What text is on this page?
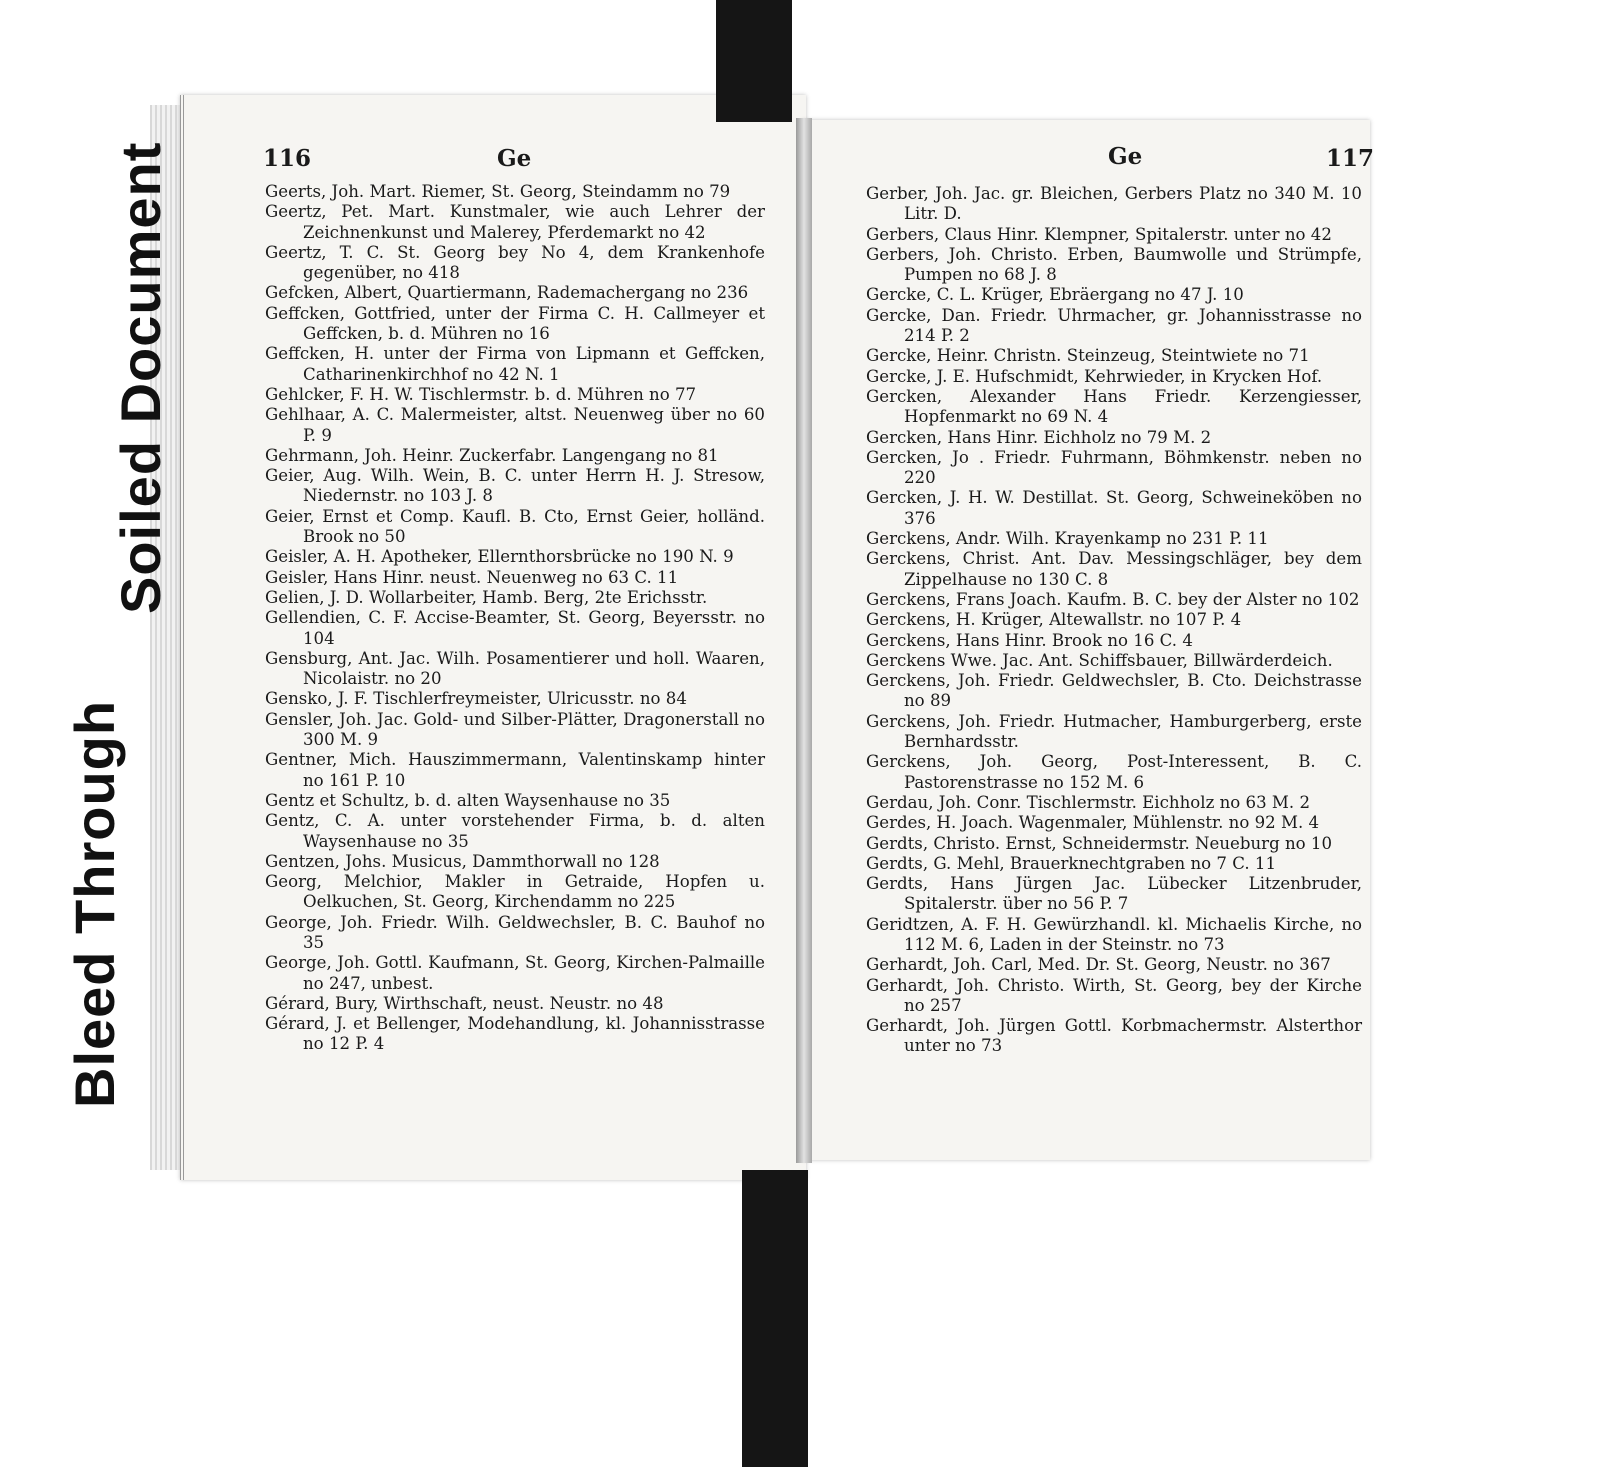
Bleed Through
Soiled Document	116	Ge	Ge	117
Geerts, Joh. Mart. Riemer, St. Georg, Steindamm no 79
Geertz, Pet. Mart. Kunstmaler, wie auch Lehrer der Zeichnenkunst und Malerey, Pferdemarkt no 42
Geertz, T. C. St. Georg bey No 4, dem Krankenhofe gegenüber, no 418
Gefcken, Albert, Quartiermann, Rademachergang no 236
Geffcken, Gottfried, unter der Firma C. H. Callmeyer et Geffcken, b. d. Mühren no 16
Geffcken, H. unter der Firma von Lipmann et Geffcken, Catharinenkirchhof no 42 N. 1
Gehlcker, F. H. W. Tischlermstr. b. d. Mühren no 77
Gehlhaar, A. C. Malermeister, altst. Neuenweg über no 60 P. 9
Gehrmann, Joh. Heinr. Zuckerfabr. Langengang no 81
Geier, Aug. Wilh. Wein, B. C. unter Herrn H. J. Stresow, Niedernstr. no 103 J. 8
Geier, Ernst et Comp. Kaufl. B. Cto, Ernst Geier, holländ. Brook no 50
Geisler, A. H. Apotheker, Ellernthorsbrücke no 190 N. 9
Geisler, Hans Hinr. neust. Neuenweg no 63 C. 11
Gelien, J. D. Wollarbeiter, Hamb. Berg, 2te Erichsstr.
Gellendien, C. F. Accise-Beamter, St. Georg, Beyersstr. no 104
Gensburg, Ant. Jac. Wilh. Posamentierer und holl. Waaren, Nicolaistr. no 20
Gensko, J. F. Tischlerfreymeister, Ulricusstr. no 84
Gensler, Joh. Jac. Gold- und Silber-Plätter, Dragonerstall no 300 M. 9
Gentner, Mich. Hauszimmermann, Valentinskamp hinter no 161 P. 10
Gentz et Schultz, b. d. alten Waysenhause no 35
Gentz, C. A. unter vorstehender Firma, b. d. alten Waysenhause no 35
Gentzen, Johs. Musicus, Dammthorwall no 128
Georg, Melchior, Makler in Getraide, Hopfen u. Oelkuchen, St. Georg, Kirchendamm no 225
George, Joh. Friedr. Wilh. Geldwechsler, B. C. Bauhof no 35
George, Joh. Gottl. Kaufmann, St. Georg, Kirchen-Palmaille no 247, unbest.
Gérard, Bury, Wirthschaft, neust. Neustr. no 48
Gérard, J. et Bellenger, Modehandlung, kl. Johannisstrasse no 12 P. 4
Gerber, Joh. Jac. gr. Bleichen, Gerbers Platz no 340 M. 10 Litr. D.
Gerbers, Claus Hinr. Klempner, Spitalerstr. unter no 42
Gerbers, Joh. Christo. Erben, Baumwolle und Strümpfe, Pumpen no 68 J. 8
Gercke, C. L. Krüger, Ebräergang no 47 J. 10
Gercke, Dan. Friedr. Uhrmacher, gr. Johannisstrasse no 214 P. 2
Gercke, Heinr. Christn. Steinzeug, Steintwiete no 71
Gercke, J. E. Hufschmidt, Kehrwieder, in Krycken Hof.
Gercken, Alexander Hans Friedr. Kerzengiesser, Hopfenmarkt no 69 N. 4
Gercken, Hans Hinr. Eichholz no 79 M. 2
Gercken, Jo . Friedr. Fuhrmann, Böhmkenstr. neben no 220
Gercken, J. H. W. Destillat. St. Georg, Schweineköben no 376
Gerckens, Andr. Wilh. Krayenkamp no 231 P. 11
Gerckens, Christ. Ant. Dav. Messingschläger, bey dem Zippelhause no 130 C. 8
Gerckens, Frans Joach. Kaufm. B. C. bey der Alster no 102
Gerckens, H. Krüger, Altewallstr. no 107 P. 4
Gerckens, Hans Hinr. Brook no 16 C. 4
Gerckens Wwe. Jac. Ant. Schiffsbauer, Billwärderdeich.
Gerckens, Joh. Friedr. Geldwechsler, B. Cto. Deichstrasse no 89
Gerckens, Joh. Friedr. Hutmacher, Hamburgerberg, erste Bernhardsstr.
Gerckens, Joh. Georg, Post-Interessent, B. C. Pastorenstrasse no 152 M. 6
Gerdau, Joh. Conr. Tischlermstr. Eichholz no 63 M. 2
Gerdes, H. Joach. Wagenmaler, Mühlenstr. no 92 M. 4
Gerdts, Christo. Ernst, Schneidermstr. Neueburg no 10
Gerdts, G. Mehl, Brauerknechtgraben no 7 C. 11
Gerdts, Hans Jürgen Jac. Lübecker Litzenbruder, Spitalerstr. über no 56 P. 7
Geridtzen, A. F. H. Gewürzhandl. kl. Michaelis Kirche, no 112 M. 6, Laden in der Steinstr. no 73
Gerhardt, Joh. Carl, Med. Dr. St. Georg, Neustr. no 367
Gerhardt, Joh. Christo. Wirth, St. Georg, bey der Kirche no 257
Gerhardt, Joh. Jürgen Gottl. Korbmachermstr. Alsterthor unter no 73
